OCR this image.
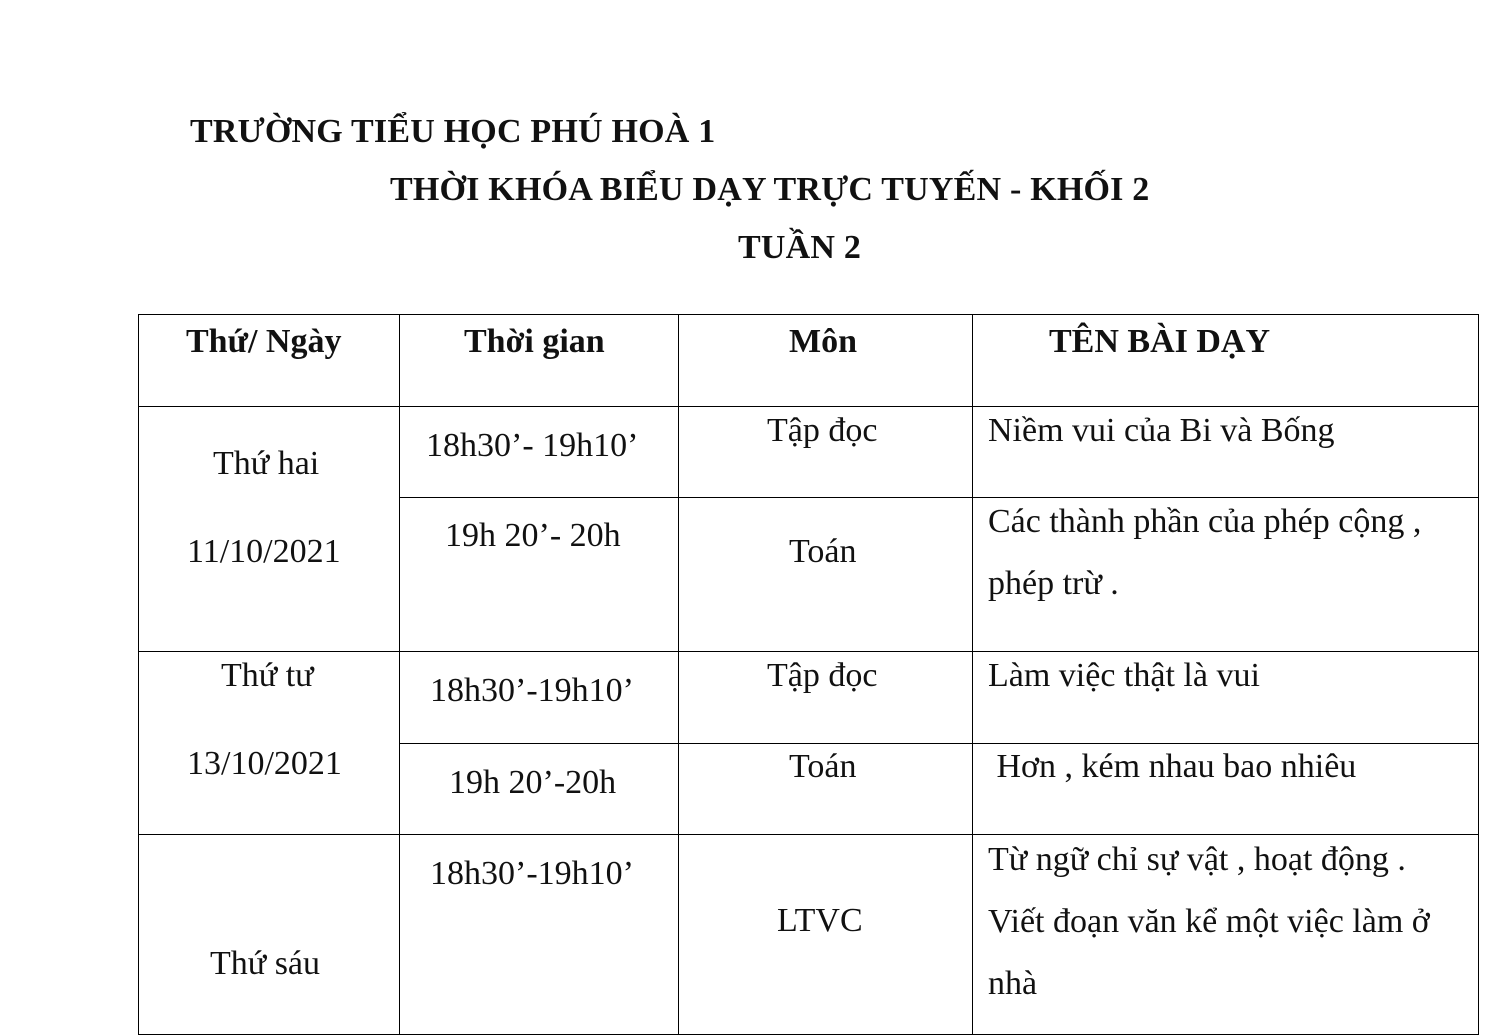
TRƯỜNG TIỂU HỌC PHÚ HOÀ 1
THỜI KHÓA BIỂU DẠY TRỰC TUYẾN - KHỐI 2
TUẦN 2
Thứ/ Ngày	Thời gian	Môn	TÊN BÀI DẠY

Thứ hai
11/10/2021	18h30’- 19h10’	Tập đọc	Niềm vui của Bi và Bống

	19h 20’- 20h	Toán	Các thành phần của phép cộng , phép trừ .

Thứ tư
13/10/2021	18h30’-19h10’	Tập đọc	Làm việc thật là vui

	19h 20’-20h	Toán	Hơn , kém nhau bao nhiêu

Thứ sáu	18h30’-19h10’	LTVC	Từ ngữ chỉ sự vật , hoạt động . Viết đoạn văn kể một việc làm ở nhà
